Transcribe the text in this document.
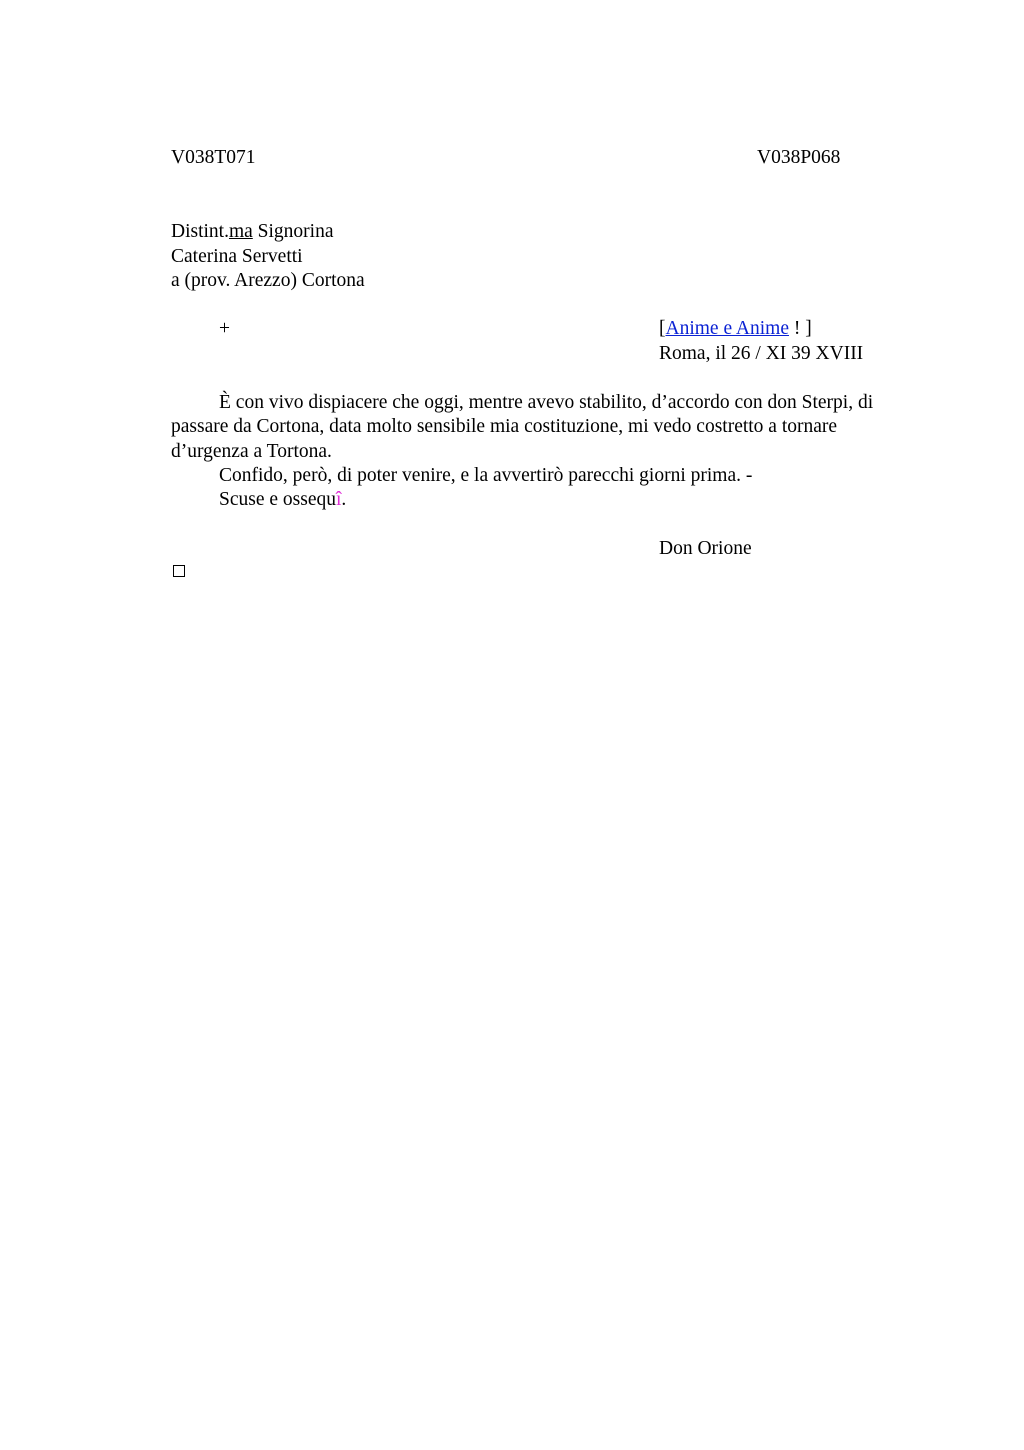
V038T071	V038P068
Distint.ma Signorina
Caterina Servetti
a (prov. Arezzo) Cortona
+	[Anime e Anime ! ]
Roma, il 26 / XI 39 XVIII

È con vivo dispiacere che oggi, mentre avevo stabilito, d’accordo con don Sterpi, di passare da Cortona, data molto sensibile mia costituzione, mi vedo costretto a tornare d’urgenza a Tortona.

Confido, però, di poter venire, e la avvertirò parecchi giorni prima. -

Scuse e ossequî.

Don Orione
